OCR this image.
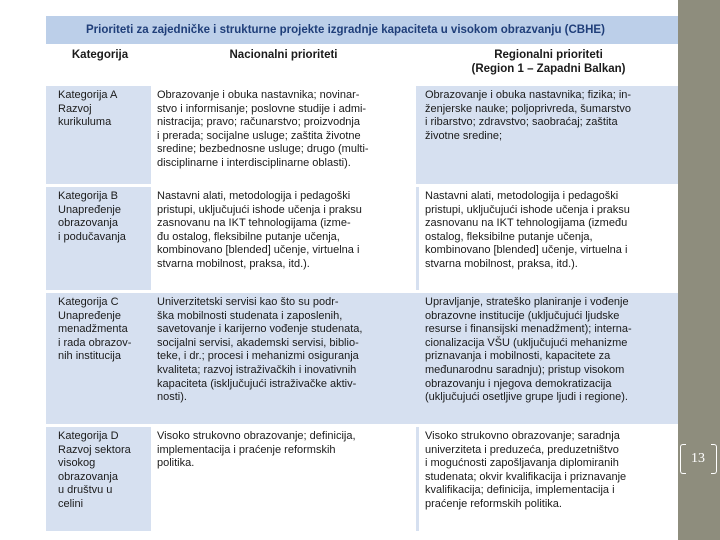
Prioriteti za zajedničke i strukturne projekte izgradnje kapaciteta u visokom obrazvanju (CBHE)
Kategorija	Nacionalni prioriteti	Regionalni prioriteti
(Region 1 – Zapadni Balkan)
Kategorija A
Razvoj
kurikuluma
Obrazovanje i obuka nastavnika; novinar-
stvo i informisanje; poslovne studije i admi-
nistracija; pravo; računarstvo; proizvodnja
i prerada; socijalne usluge; zaštita životne
sredine; bezbednosne usluge; drugo (multi-
disciplinarne i interdisciplinarne oblasti).
Obrazovanje i obuka nastavnika; fizika; in-
ženjerske nauke; poljoprivreda, šumarstvo
i ribarstvo; zdravstvo; saobraćaj; zaštita
životne sredine;
Kategorija B
Unapređenje
obrazovanja
i podučavanja
Nastavni alati, metodologija i pedagoški
pristupi, uključujući ishode učenja i praksu
zasnovanu na IKT tehnologijama (izme-
đu ostalog, fleksibilne putanje učenja,
kombinovano [blended] učenje, virtuelna i
stvarna mobilnost, praksa, itd.).
Nastavni alati, metodologija i pedagoški
pristupi, uključujući ishode učenja i praksu
zasnovanu na IKT tehnologijama (između
ostalog, fleksibilne putanje učenja,
kombinovano [blended] učenje, virtuelna i
stvarna mobilnost, praksa, itd.).
Kategorija C
Unapređenje
menadžmenta
i rada obrazov-
nih institucija
Univerzitetski servisi kao što su podr-
ška mobilnosti studenata i zaposlenih,
savetovanje i karijerno vođenje studenata,
socijalni servisi, akademski servisi, biblio-
teke, i dr.; procesi i mehanizmi osiguranja
kvaliteta; razvoj istraživačkih i inovativnih
kapaciteta (isključujući istraživačke aktiv-
nosti).
Upravljanje, strateško planiranje i vođenje
obrazovne institucije (uključujući ljudske
resurse i finansijski menadžment); interna-
cionalizacija VŠU (uključujući mehanizme
priznavanja i mobilnosti, kapacitete za
međunarodnu saradnju); pristup visokom
obrazovanju i njegova demokratizacija
(uključujući osetljive grupe ljudi i regione).
Kategorija D
Razvoj sektora
visokog
obrazovanja
u društvu u
celini
Visoko strukovno obrazovanje; definicija,
implementacija i praćenje reformskih
politika.
Visoko strukovno obrazovanje; saradnja
univerziteta i preduzeća, preduzetništvo
i mogućnosti zapošljavanja diplomiranih
studenata; okvir kvalifikacija i priznavanje
kvalifikacija; definicija, implementacija i
praćenje reformskih politika.
13
